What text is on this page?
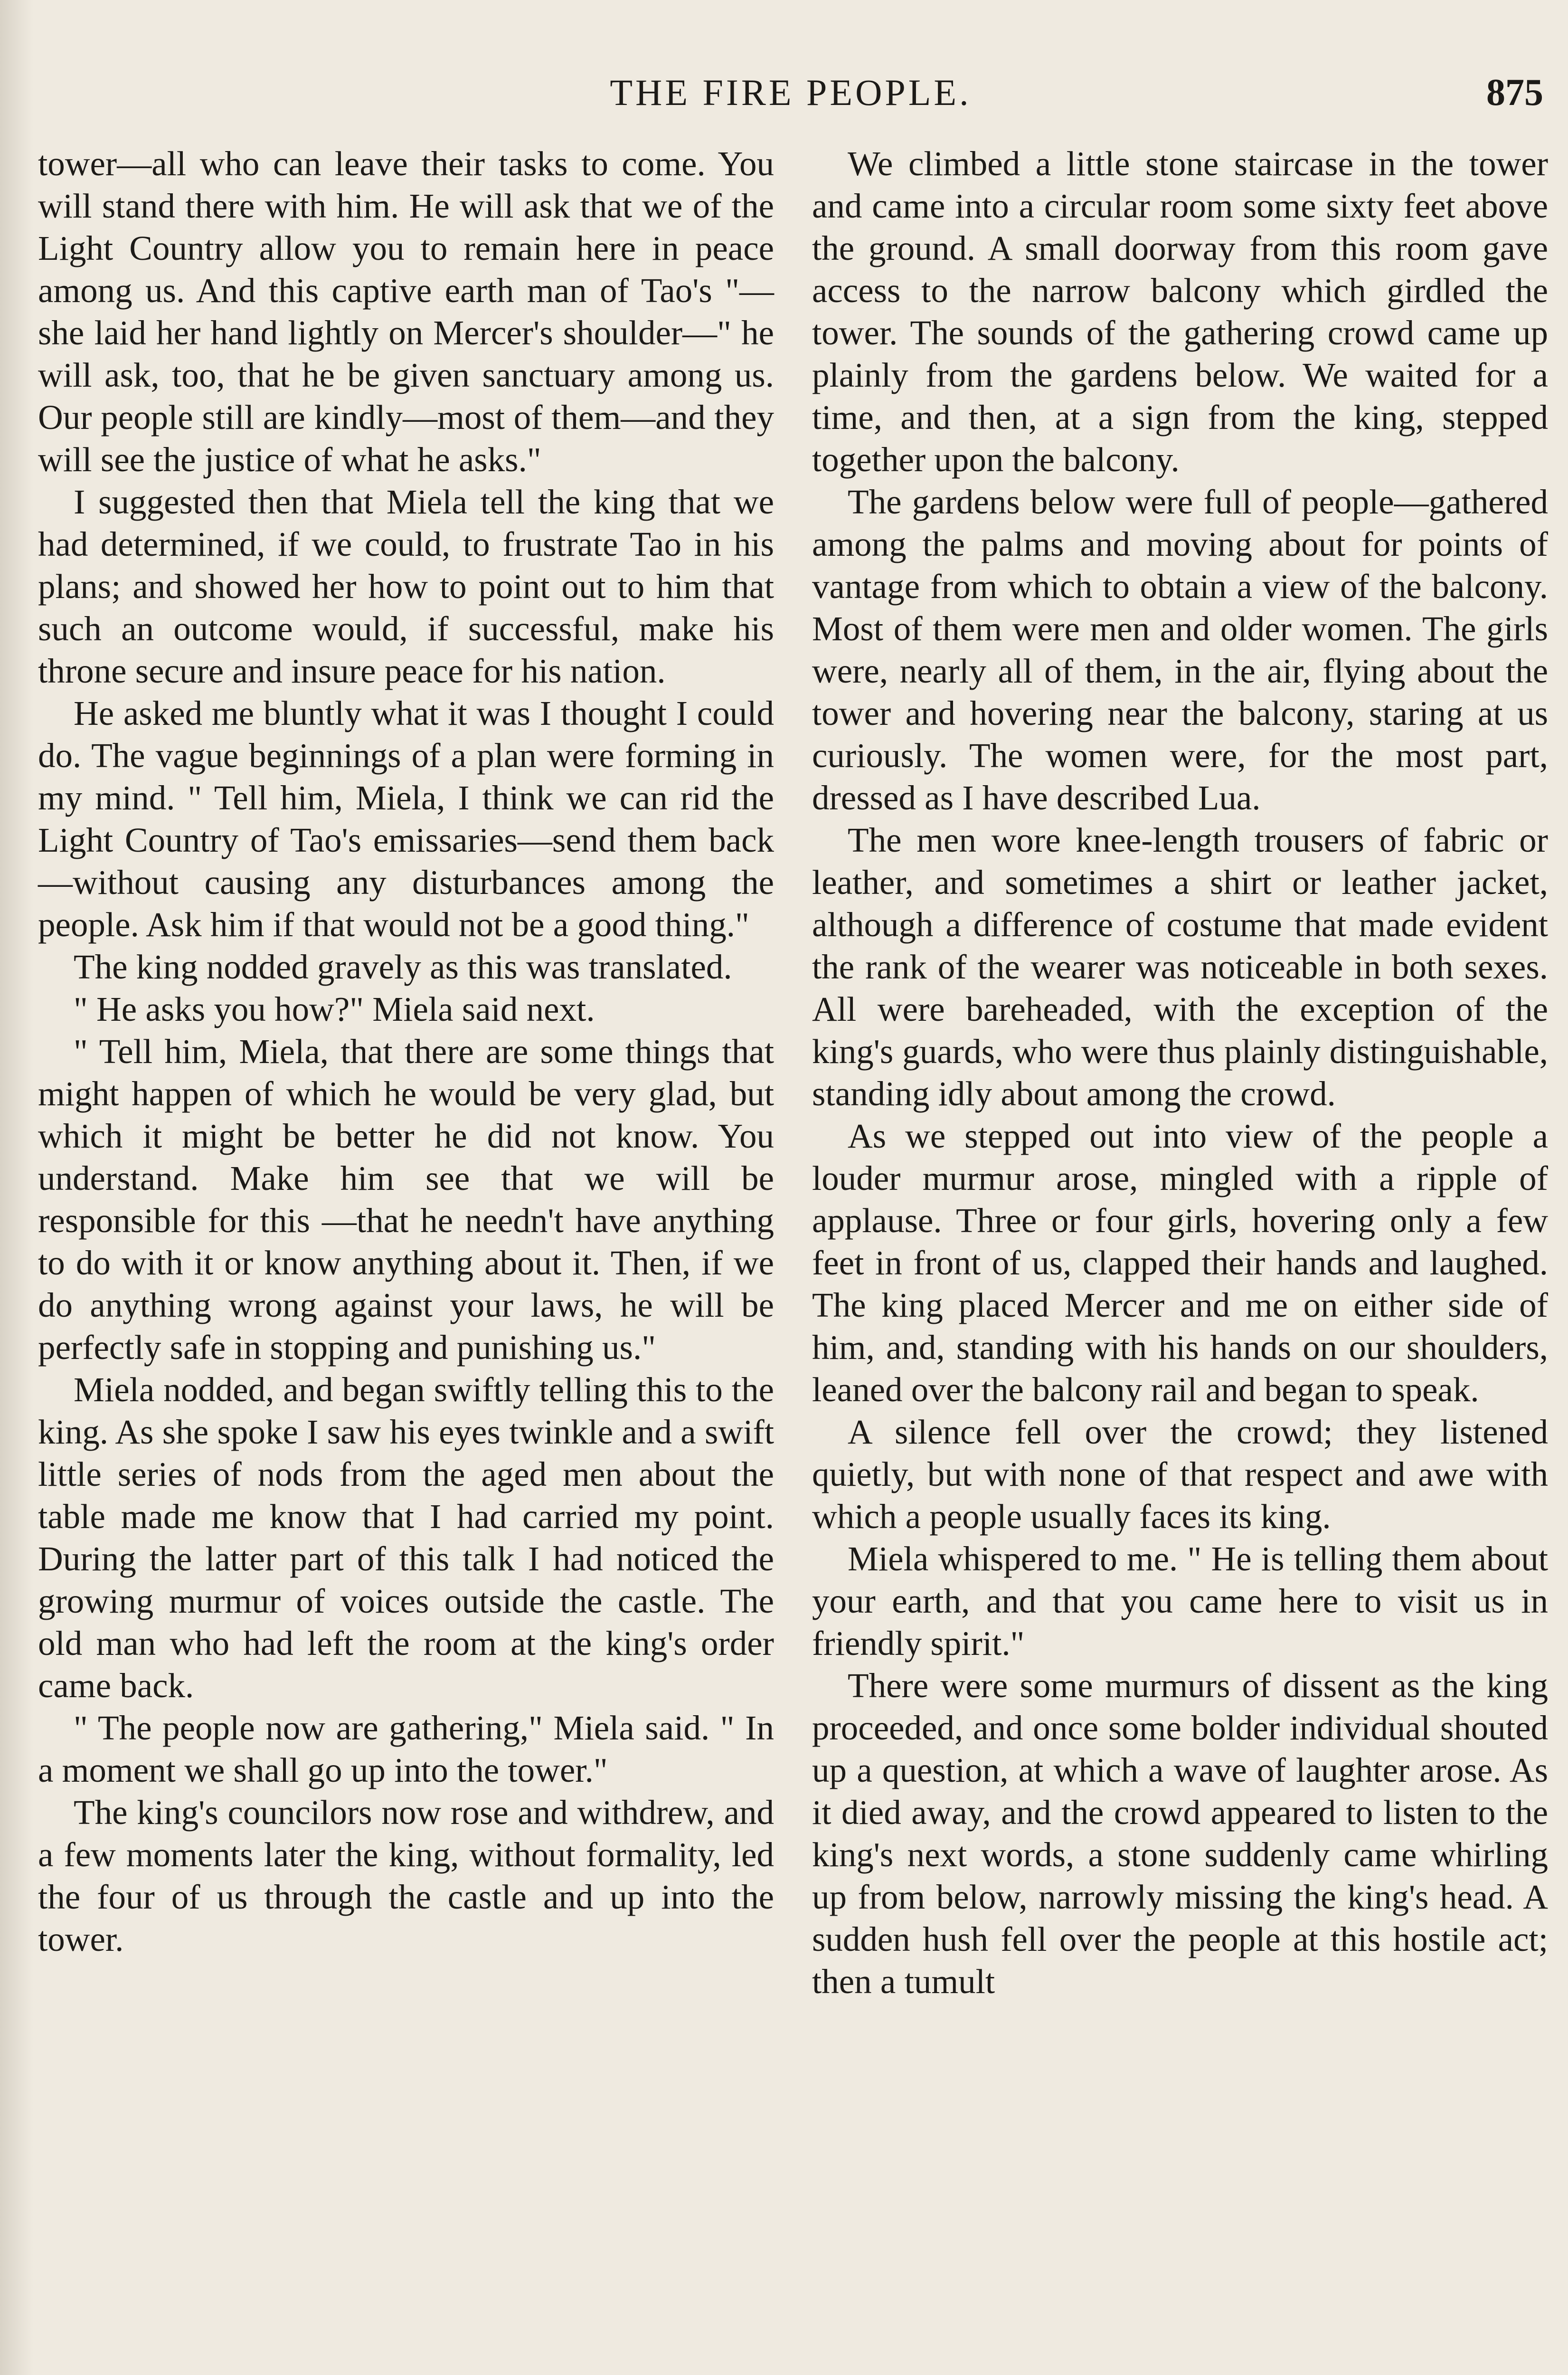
THE FIRE PEOPLE.	875

tower—all who can leave their tasks to come. You will stand there with him. He will ask that we of the Light Country allow you to remain here in peace among us. And this captive earth man of Tao's "—she laid her hand lightly on Mercer's shoulder—" he will ask, too, that he be given sanctuary among us. Our people still are kindly—most of them—and they will see the justice of what he asks."

I suggested then that Miela tell the king that we had determined, if we could, to frustrate Tao in his plans; and showed her how to point out to him that such an outcome would, if successful, make his throne secure and insure peace for his nation.

He asked me bluntly what it was I thought I could do. The vague beginnings of a plan were forming in my mind. " Tell him, Miela, I think we can rid the Light Country of Tao's emissaries—send them back—without causing any disturbances among the people. Ask him if that would not be a good thing."

The king nodded gravely as this was translated.

" He asks you how?" Miela said next.

" Tell him, Miela, that there are some things that might happen of which he would be very glad, but which it might be better he did not know. You understand. Make him see that we will be responsible for this —that he needn't have anything to do with it or know anything about it. Then, if we do anything wrong against your laws, he will be perfectly safe in stopping and punishing us."

Miela nodded, and began swiftly telling this to the king. As she spoke I saw his eyes twinkle and a swift little series of nods from the aged men about the table made me know that I had carried my point. During the latter part of this talk I had noticed the growing murmur of voices outside the castle. The old man who had left the room at the king's order came back.

" The people now are gathering," Miela said. " In a moment we shall go up into the tower."

The king's councilors now rose and withdrew, and a few moments later the king, without formality, led the four of us through the castle and up into the tower.

We climbed a little stone staircase in the tower and came into a circular room some sixty feet above the ground. A small doorway from this room gave access to the narrow balcony which girdled the tower. The sounds of the gathering crowd came up plainly from the gardens below. We waited for a time, and then, at a sign from the king, stepped together upon the balcony.

The gardens below were full of people—gathered among the palms and moving about for points of vantage from which to obtain a view of the balcony. Most of them were men and older women. The girls were, nearly all of them, in the air, flying about the tower and hovering near the balcony, staring at us curiously. The women were, for the most part, dressed as I have described Lua.

The men wore knee-length trousers of fabric or leather, and sometimes a shirt or leather jacket, although a difference of costume that made evident the rank of the wearer was noticeable in both sexes. All were bareheaded, with the exception of the king's guards, who were thus plainly distinguishable, standing idly about among the crowd.

As we stepped out into view of the people a louder murmur arose, mingled with a ripple of applause. Three or four girls, hovering only a few feet in front of us, clapped their hands and laughed. The king placed Mercer and me on either side of him, and, standing with his hands on our shoulders, leaned over the balcony rail and began to speak.

A silence fell over the crowd; they listened quietly, but with none of that respect and awe with which a people usually faces its king.

Miela whispered to me. " He is telling them about your earth, and that you came here to visit us in friendly spirit."

There were some murmurs of dissent as the king proceeded, and once some bolder individual shouted up a question, at which a wave of laughter arose. As it died away, and the crowd appeared to listen to the king's next words, a stone suddenly came whirling up from below, narrowly missing the king's head. A sudden hush fell over the people at this hostile act; then a tumult
